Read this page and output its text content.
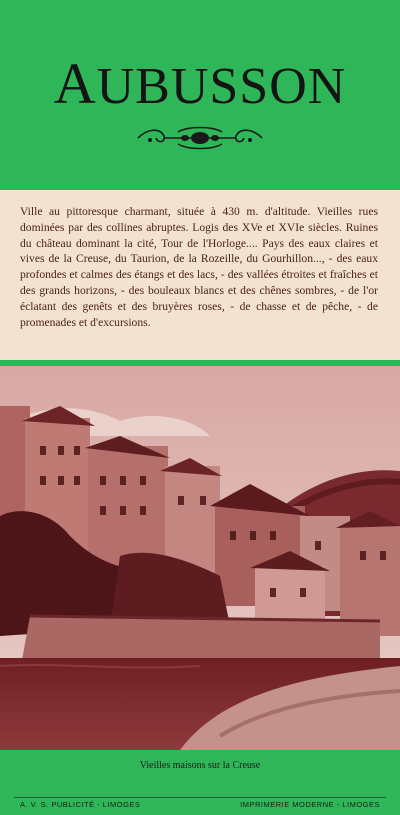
AUBUSSON

Ville au pittoresque charmant, située à 430 m. d'altitude. Vieilles rues dominées par des collines abruptes. Logis des XVe et XVIe siècles. Ruines du château dominant la cité, Tour de l'Horloge.... Pays des eaux claires et vives de la Creuse, du Taurion, de la Rozeille, du Gourhillon..., - des eaux profondes et calmes des étangs et des lacs, - des vallées étroites et fraîches et des grands horizons, - des bouleaux blancs et des chênes sombres, - de l'or éclatant des genêts et des bruyères roses, - de chasse et de pêche, - de promenades et d'excursions.

Vieilles maisons sur la Creuse
A. V. S. PUBLICITÉ - LIMOGES	IMPRIMERIE MODERNE - LIMOGES
